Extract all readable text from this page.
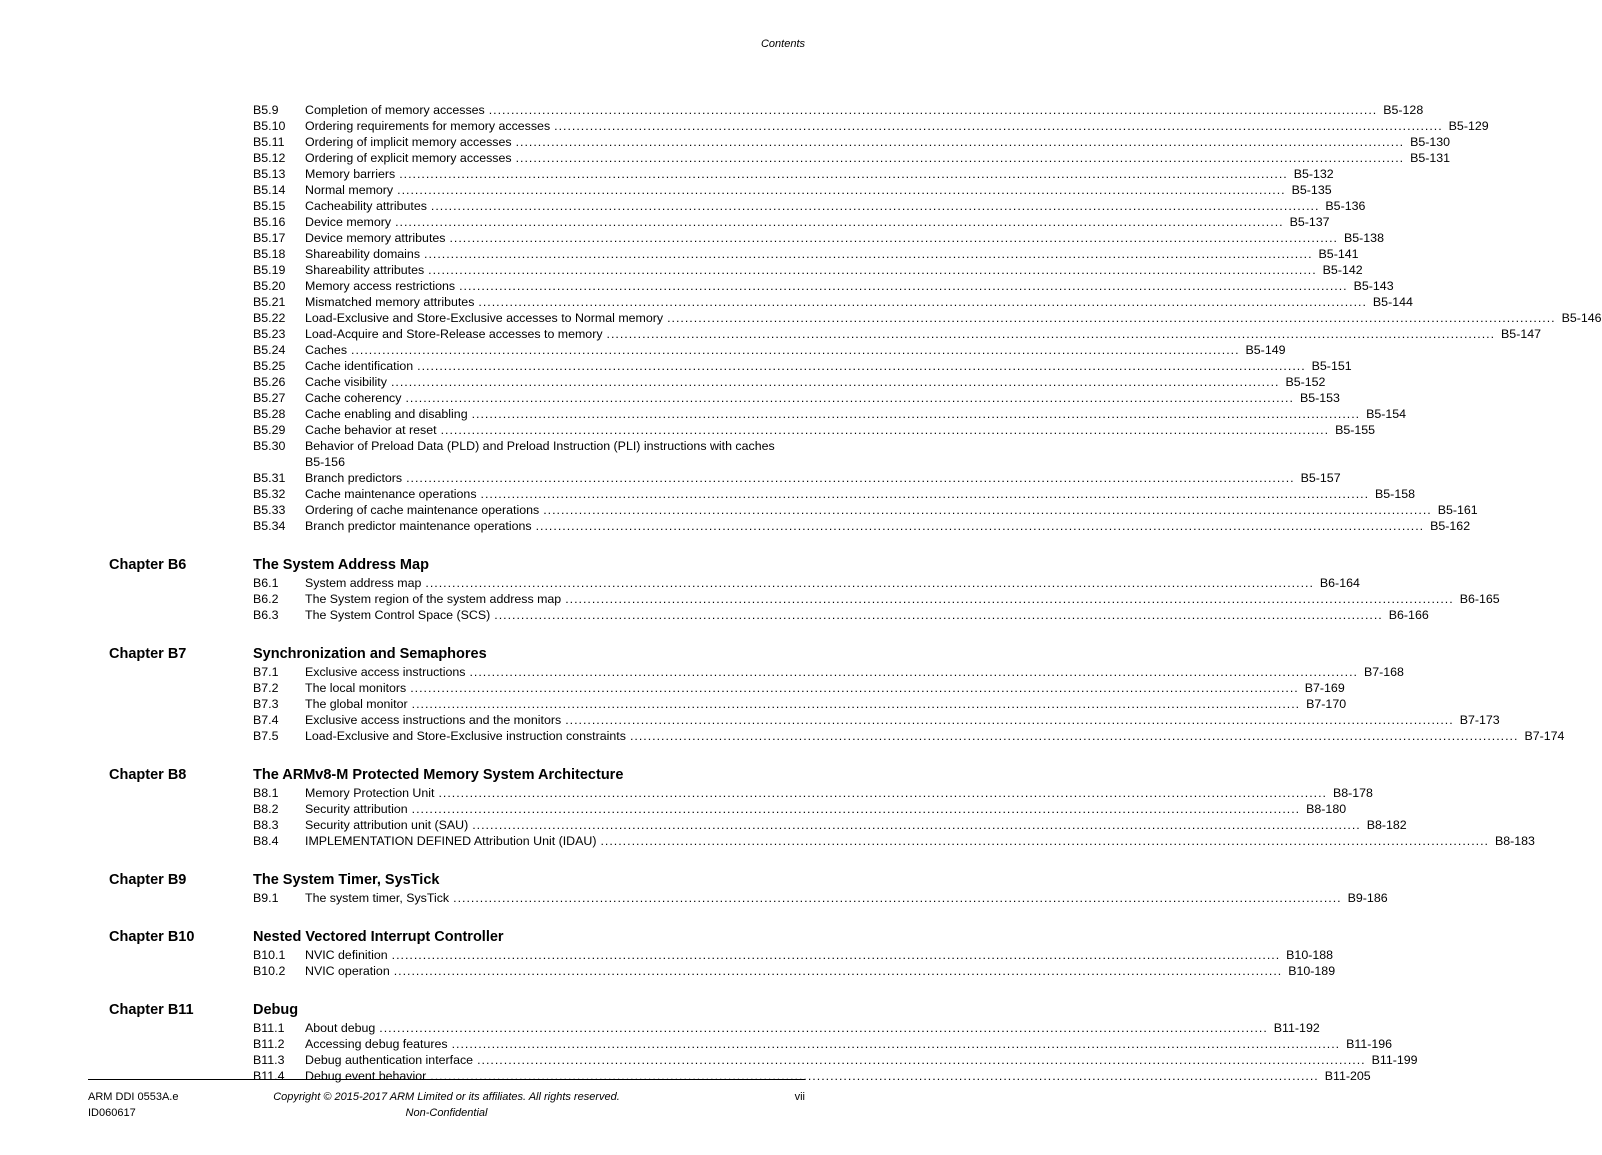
Contents
B5.9 Completion of memory accesses ........................................................................................................................................................................................................ B5-128
B5.10 Ordering requirements for memory accesses ........................................................................................................................................................................................................ B5-129
B5.11 Ordering of implicit memory accesses ........................................................................................................................................................................................................ B5-130
B5.12 Ordering of explicit memory accesses ........................................................................................................................................................................................................ B5-131
B5.13 Memory barriers ........................................................................................................................................................................................................ B5-132
B5.14 Normal memory ........................................................................................................................................................................................................ B5-135
B5.15 Cacheability attributes ........................................................................................................................................................................................................ B5-136
B5.16 Device memory ........................................................................................................................................................................................................ B5-137
B5.17 Device memory attributes ........................................................................................................................................................................................................ B5-138
B5.18 Shareability domains ........................................................................................................................................................................................................ B5-141
B5.19 Shareability attributes ........................................................................................................................................................................................................ B5-142
B5.20 Memory access restrictions ........................................................................................................................................................................................................ B5-143
B5.21 Mismatched memory attributes ........................................................................................................................................................................................................ B5-144
B5.22 Load-Exclusive and Store-Exclusive accesses to Normal memory ........................................................................................................................................................................................................ B5-146
B5.23 Load-Acquire and Store-Release accesses to memory ........................................................................................................................................................................................................ B5-147
B5.24 Caches ........................................................................................................................................................................................................ B5-149
B5.25 Cache identification ........................................................................................................................................................................................................ B5-151
B5.26 Cache visibility ........................................................................................................................................................................................................ B5-152
B5.27 Cache coherency ........................................................................................................................................................................................................ B5-153
B5.28 Cache enabling and disabling ........................................................................................................................................................................................................ B5-154
B5.29 Cache behavior at reset ........................................................................................................................................................................................................ B5-155
B5.30 Behavior of Preload Data (PLD) and Preload Instruction (PLI) instructions with caches
B5-156
B5.31 Branch predictors ........................................................................................................................................................................................................ B5-157
B5.32 Cache maintenance operations ........................................................................................................................................................................................................ B5-158
B5.33 Ordering of cache maintenance operations ........................................................................................................................................................................................................ B5-161
B5.34 Branch predictor maintenance operations ........................................................................................................................................................................................................ B5-162
Chapter B6	The System Address Map
B6.1 System address map ........................................................................................................................................................................................................ B6-164
B6.2 The System region of the system address map ........................................................................................................................................................................................................ B6-165
B6.3 The System Control Space (SCS) ........................................................................................................................................................................................................ B6-166
Chapter B7	Synchronization and Semaphores
B7.1 Exclusive access instructions ........................................................................................................................................................................................................ B7-168
B7.2 The local monitors ........................................................................................................................................................................................................ B7-169
B7.3 The global monitor ........................................................................................................................................................................................................ B7-170
B7.4 Exclusive access instructions and the monitors ........................................................................................................................................................................................................ B7-173
B7.5 Load-Exclusive and Store-Exclusive instruction constraints ........................................................................................................................................................................................................ B7-174
Chapter B8	The ARMv8-M Protected Memory System Architecture
B8.1 Memory Protection Unit ........................................................................................................................................................................................................ B8-178
B8.2 Security attribution ........................................................................................................................................................................................................ B8-180
B8.3 Security attribution unit (SAU) ........................................................................................................................................................................................................ B8-182
B8.4 IMPLEMENTATION DEFINED Attribution Unit (IDAU) ........................................................................................................................................................................................................ B8-183
Chapter B9	The System Timer, SysTick
B9.1 The system timer, SysTick ........................................................................................................................................................................................................ B9-186
Chapter B10	Nested Vectored Interrupt Controller
B10.1 NVIC definition ........................................................................................................................................................................................................ B10-188
B10.2 NVIC operation ........................................................................................................................................................................................................ B10-189
Chapter B11	Debug
B11.1 About debug ........................................................................................................................................................................................................ B11-192
B11.2 Accessing debug features ........................................................................................................................................................................................................ B11-196
B11.3 Debug authentication interface ........................................................................................................................................................................................................ B11-199
B11.4 Debug event behavior ........................................................................................................................................................................................................ B11-205
ARM DDI 0553A.e
ID060617
Copyright © 2015-2017 ARM Limited or its affiliates. All rights reserved.
Non-Confidential
vii
